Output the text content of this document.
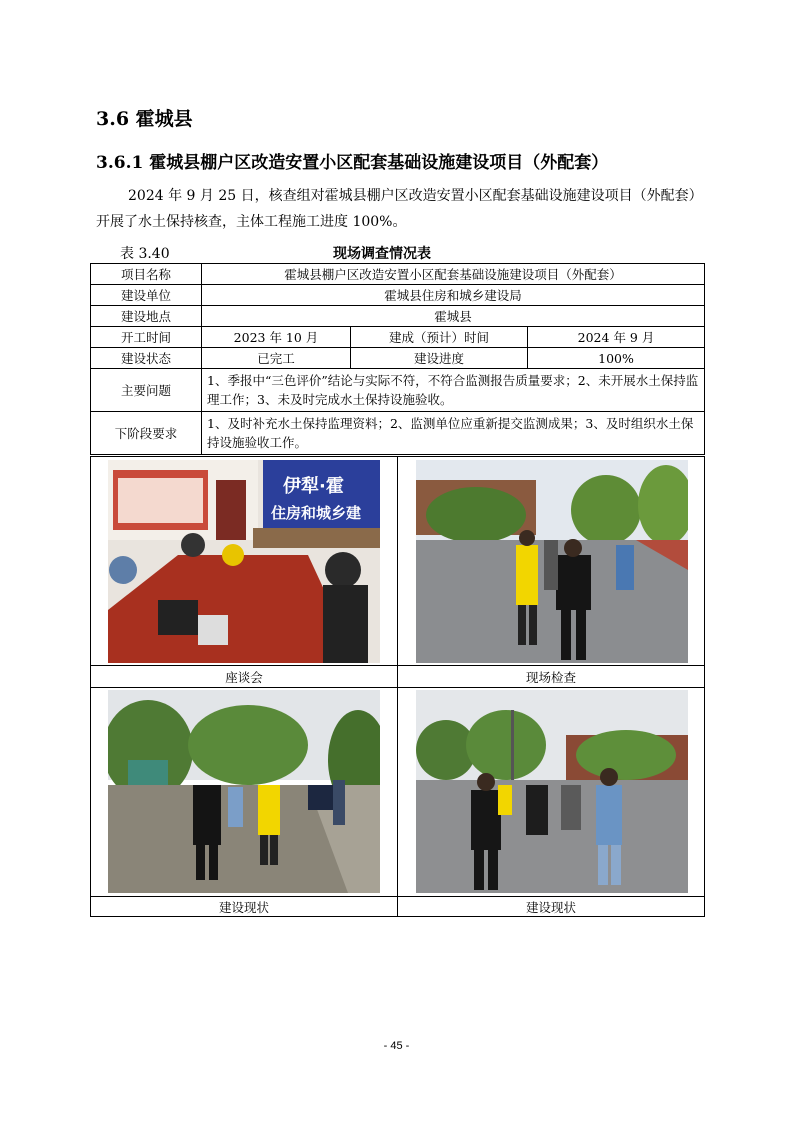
3.6 霍城县
3.6.1 霍城县棚户区改造安置小区配套基础设施建设项目（外配套）
2024 年 9 月 25 日，核查组对霍城县棚户区改造安置小区配套基础设施建设项目（外配套）开展了水土保持核查，主体工程施工进度 100%。
表 3.40	现场调查情况表
项目名称	霍城县棚户区改造安置小区配套基础设施建设项目（外配套）		
建设单位	霍城县住房和城乡建设局		
建设地点	霍城县		
开工时间	2023 年 10 月	建成（预计）时间	2024 年 9 月
建设状态	已完工	建设进度	100%
主要问题	1、季报中“三色评价”结论与实际不符，不符合监测报告质量要求；2、未开展水土保持监理工作；3、未及时完成水土保持设施验收。		
下阶段要求	1、及时补充水土保持监理资料；2、监测单位应重新提交监测成果；3、及时组织水土保持设施验收工作。		
伊犁·霍
住房和城乡建
座谈会	现场检查
建设现状	建设现状
- 45 -
